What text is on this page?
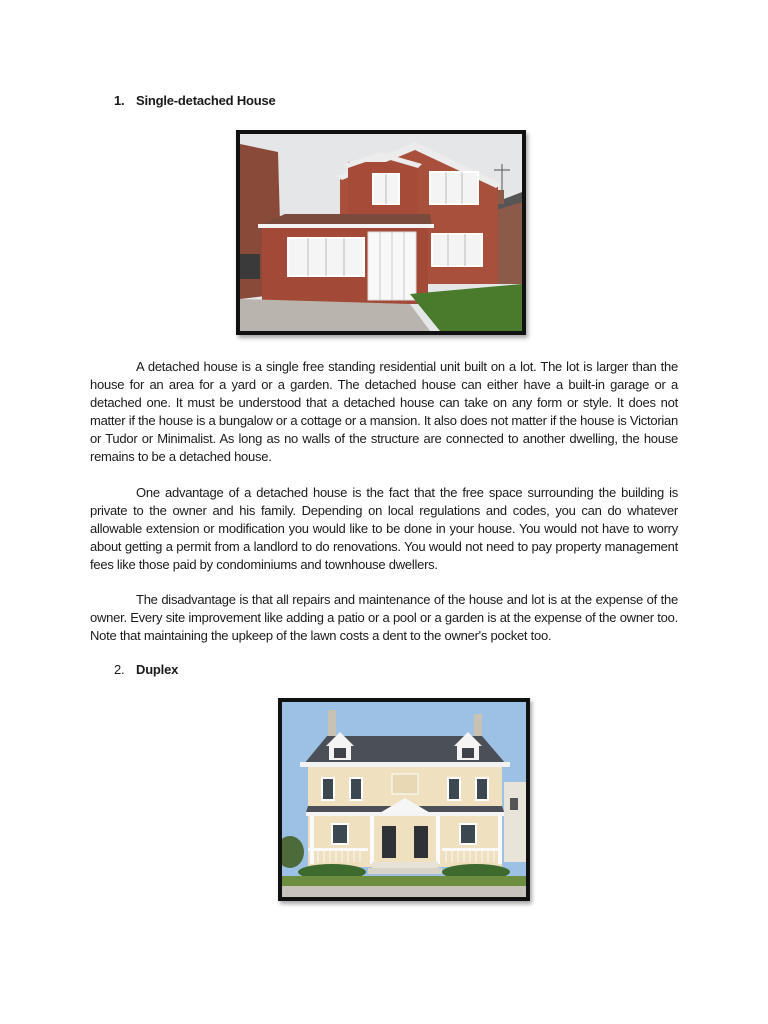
1. Single-detached House

A detached house is a single free standing residential unit built on a lot. The lot is larger than the house for an area for a yard or a garden. The detached house can either have a built-in garage or a detached one. It must be understood that a detached house can take on any form or style. It does not matter if the house is a bungalow or a cottage or a mansion. It also does not matter if the house is Victorian or Tudor or Minimalist. As long as no walls of the structure are connected to another dwelling, the house remains to be a detached house.

One advantage of a detached house is the fact that the free space surrounding the building is private to the owner and his family. Depending on local regulations and codes, you can do whatever allowable extension or modification you would like to be done in your house. You would not have to worry about getting a permit from a landlord to do renovations. You would not need to pay property management fees like those paid by condominiums and townhouse dwellers.

The disadvantage is that all repairs and maintenance of the house and lot is at the expense of the owner. Every site improvement like adding a patio or a pool or a garden is at the expense of the owner too. Note that maintaining the upkeep of the lawn costs a dent to the owner's pocket too.

2. Duplex
